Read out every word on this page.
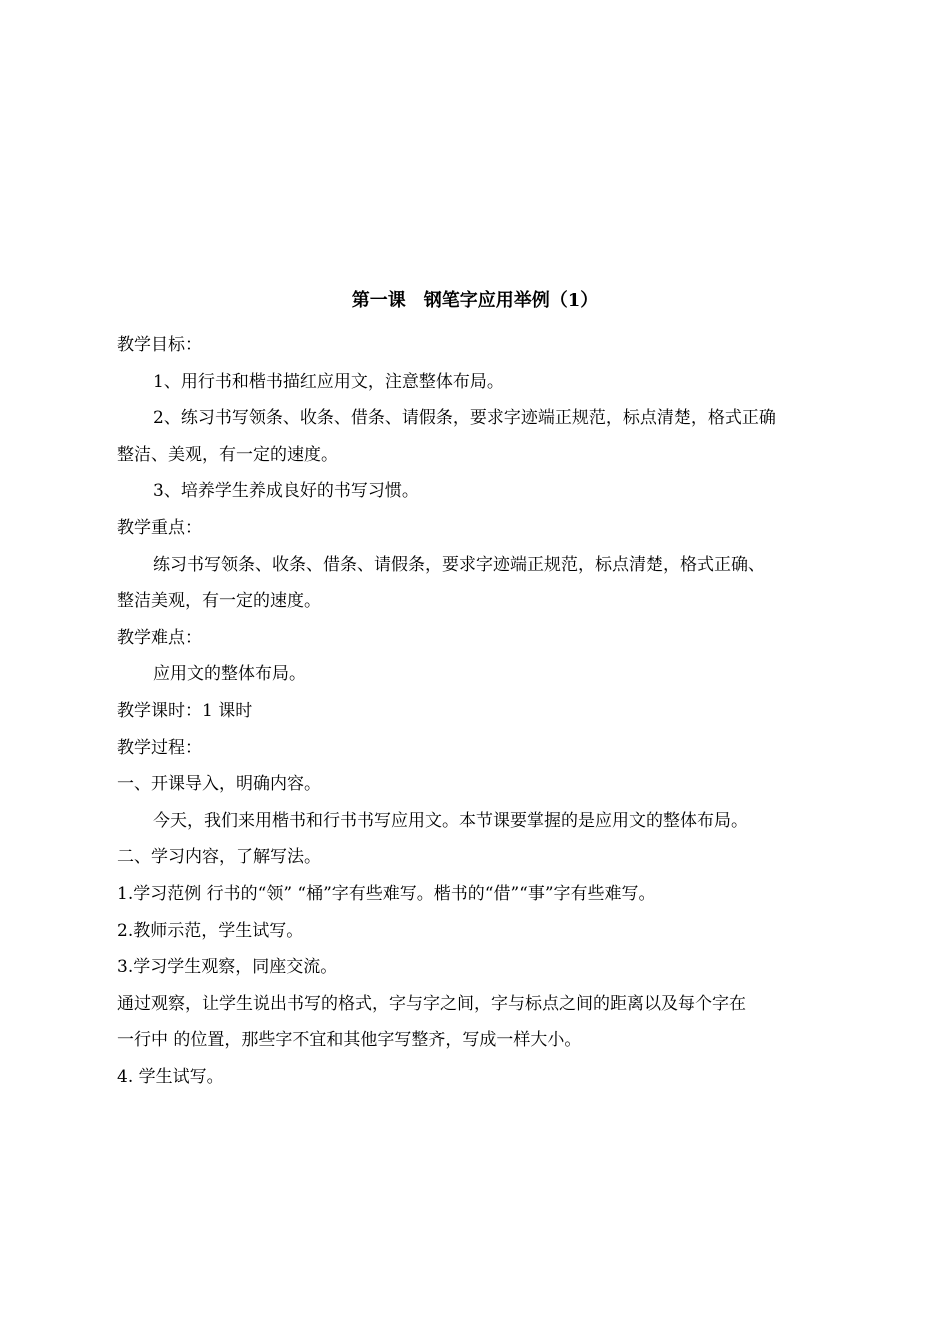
第一课　钢笔字应用举例（1）
教学目标：
1、用行书和楷书描红应用文，注意整体布局。
2、练习书写领条、收条、借条、请假条，要求字迹端正规范，标点清楚，格式正确
整洁、美观，有一定的速度。
3、培养学生养成良好的书写习惯。
教学重点：
练习书写领条、收条、借条、请假条，要求字迹端正规范，标点清楚，格式正确、
整洁美观，有一定的速度。
教学难点：
应用文的整体布局。
教学课时：1 课时
教学过程：
一、开课导入，明确内容。
今天，我们来用楷书和行书书写应用文。本节课要掌握的是应用文的整体布局。
二、学习内容，了解写法。
1.学习范例 行书的“领” “桶”字有些难写。楷书的“借”“事”字有些难写。
2.教师示范，学生试写。
3.学习学生观察，同座交流。
通过观察，让学生说出书写的格式，字与字之间，字与标点之间的距离以及每个字在
一行中 的位置，那些字不宜和其他字写整齐，写成一样大小。
4. 学生试写。
